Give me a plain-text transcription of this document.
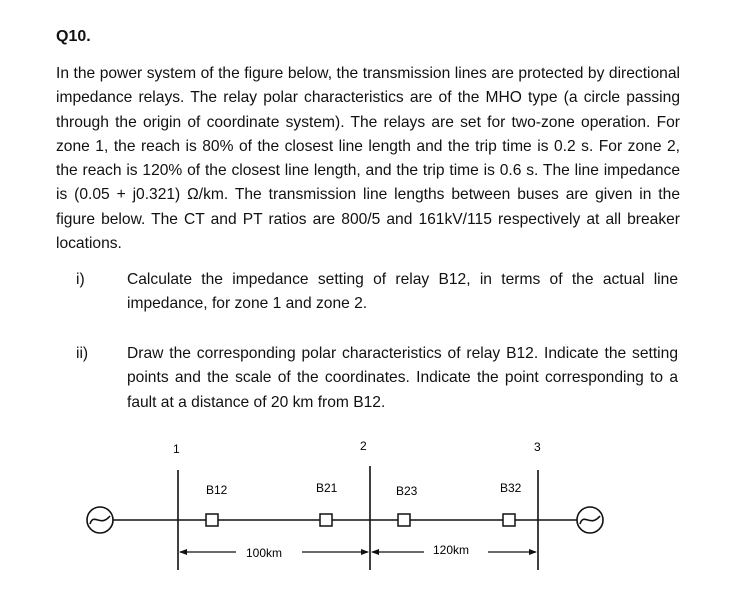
Q10.
In the power system of the figure below, the transmission lines are protected by directional impedance relays. The relay polar characteristics are of the MHO type (a circle passing through the origin of coordinate system). The relays are set for two-zone operation. For zone 1, the reach is 80% of the closest line length and the trip time is 0.2 s. For zone 2, the reach is 120% of the closest line length, and the trip time is 0.6 s. The line impedance is (0.05 + j0.321) Ω/km. The transmission line lengths between buses are given in the figure below. The CT and PT ratios are 800/5 and 161kV/115 respectively at all breaker locations.
i)	Calculate the impedance setting of relay B12, in terms of the actual line impedance, for zone 1 and zone 2.
ii) Draw the corresponding polar characteristics of relay B12. Indicate the setting points and the scale of the coordinates. Indicate the point corresponding to a fault at a distance of 20 km from B12.
1	2	3
B12	B21	B23	B32
100km	120km
